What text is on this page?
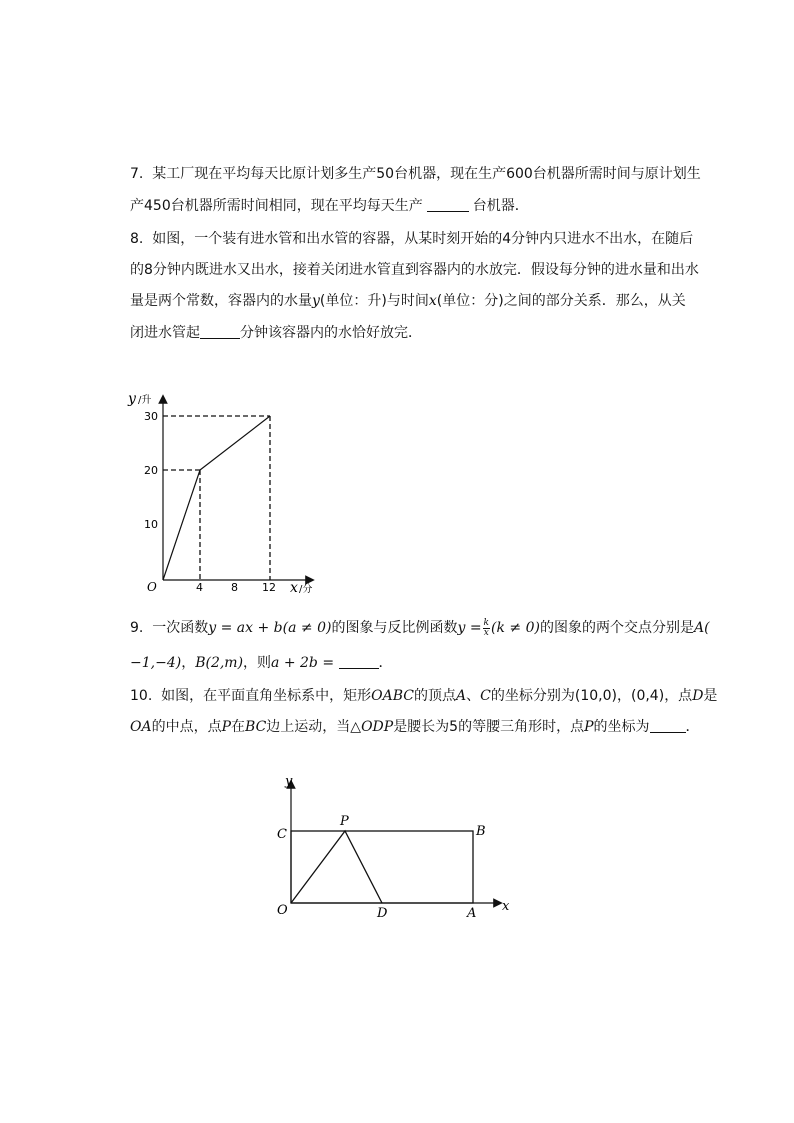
7. 某工厂现在平均每天比原计划多生产50台机器，现在生产600台机器所需时间与原计划生
产450台机器所需时间相同，现在平均每天生产	台机器．
8. 如图，一个装有进水管和出水管的容器，从某时刻开始的4分钟内只进水不出水，在随后
的8分钟内既进水又出水，接着关闭进水管直到容器内的水放完．假设每分钟的进水量和出水
量是两个常数，容器内的水量y(单位：升)与时间x(单位：分)之间的部分关系．那么，从关
闭进水管起	分钟该容器内的水恰好放完．
y /升
x /分
O
10
20
30
4	8 12
9. 一次函数y = ax + b(a ≠ 0)的图象与反比例函数$y = \frac{k}{x} (k \ne 0)$的图象的两个交点分别是A(
−1,−4)，B(2,m)，则a + 2b =	．
10. 如图，在平面直角坐标系中，矩形OABC的顶点A、C的坐标分别为(10,0)，(0,4)，点D是
OA的中点，点P在BC边上运动，当△ODP是腰长为5的等腰三角形时，点P的坐标为	．
y
x
O
C
P
B
D	A
